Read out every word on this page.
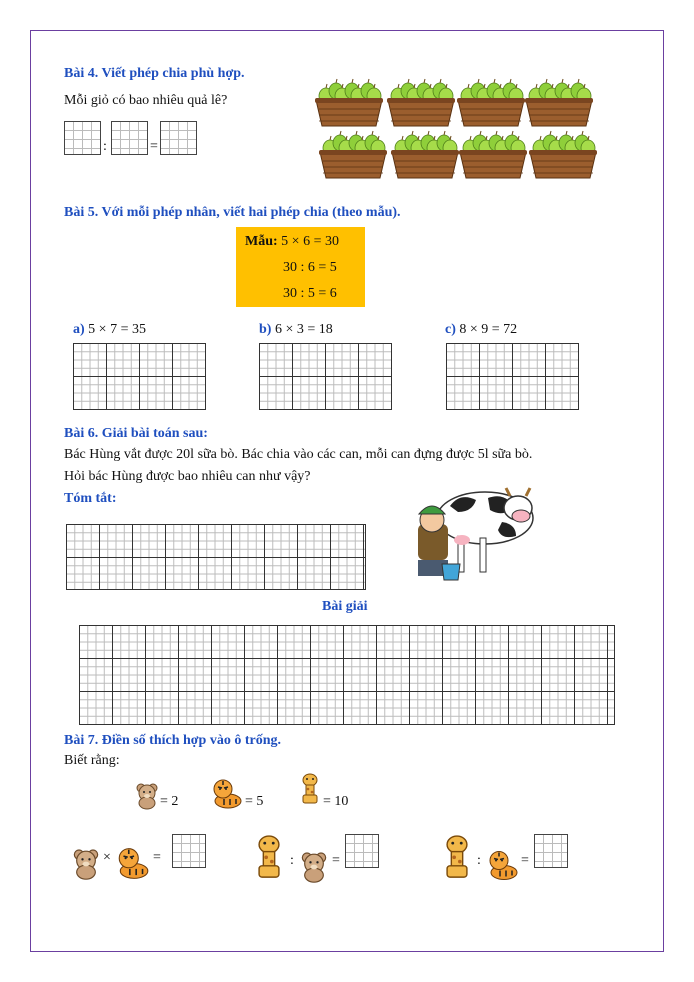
Bài 4. Viết phép chia phù hợp.
Mỗi giỏ có bao nhiêu quả lê?
:	=
Bài 5. Với mỗi phép nhân, viết hai phép chia (theo mẫu).
Mẫu: 5 × 6 = 30
30 : 6 = 5
30 : 5 = 6
a) 5 × 7 = 35	b) 6 × 3 = 18	c) 8 × 9 = 72
Bài 6. Giải bài toán sau:
Bác Hùng vắt được 20l sữa bò. Bác chia vào các can, mỗi can đựng được 5l sữa bò.
Hỏi bác Hùng được bao nhiêu can như vậy?
Tóm tắt:
Bài giải
Bài 7. Điền số thích hợp vào ô trống.
Biết rằng:
= 2	= 5	= 10
×	=	:	=	:	=
